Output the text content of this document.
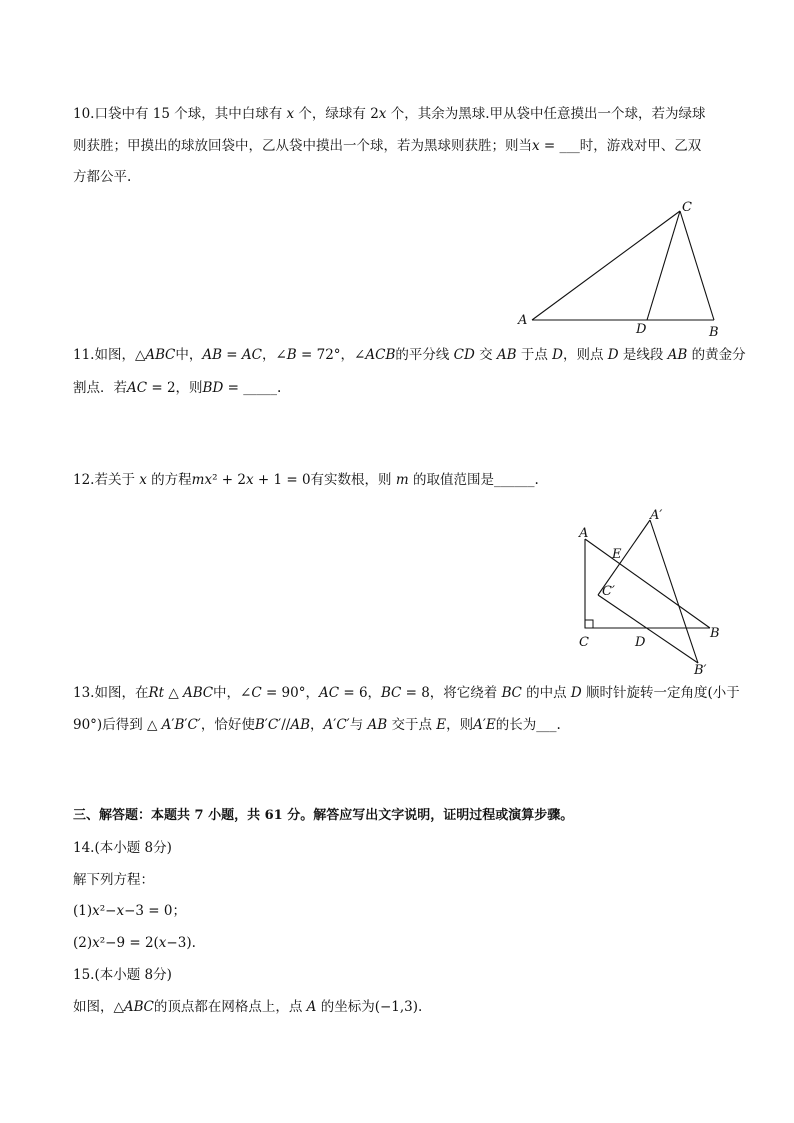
10.口袋中有 15 个球，其中白球有 𝑥 个，绿球有 2𝑥 个，其余为黑球.甲从袋中任意摸出一个球，若为绿球
则获胜；甲摸出的球放回袋中，乙从袋中摸出一个球，若为黑球则获胜；则当𝑥 = ___时，游戏对甲、乙双
方都公平.
A
B
C
D
11.如图，△𝐴𝐵𝐶中，𝐴𝐵 = 𝐴𝐶，∠𝐵 = 72°，∠𝐴𝐶𝐵的平分线 𝐶𝐷 交 𝐴𝐵 于点 𝐷，则点 𝐷 是线段 𝐴𝐵 的黄金分
割点．若𝐴𝐶 = 2，则𝐵𝐷 = _____.
12.若关于 𝑥 的方程𝑚𝑥² + 2𝑥 + 1 = 0有实数根，则 𝑚 的取值范围是______.
A
A′
E
C′
C	D
B
B′
13.如图，在𝑅𝑡 △ 𝐴𝐵𝐶中，∠𝐶 = 90°，𝐴𝐶 = 6，𝐵𝐶 = 8，将它绕着 𝐵𝐶 的中点 𝐷 顺时针旋转一定角度(小于
90°)后得到 △ 𝐴′𝐵′𝐶′，恰好使𝐵′𝐶′//𝐴𝐵，𝐴′𝐶′与 𝐴𝐵 交于点 𝐸，则𝐴′𝐸的长为___.
三、解答题：本题共 7 小题，共 61 分。解答应写出文字说明，证明过程或演算步骤。
14.(本小题 8分)
解下列方程：
(1)𝑥²−𝑥−3 = 0；
(2)𝑥²−9 = 2(𝑥−3).
15.(本小题 8分)
如图，△𝐴𝐵𝐶的顶点都在网格点上，点 𝐴 的坐标为(−1,3).
